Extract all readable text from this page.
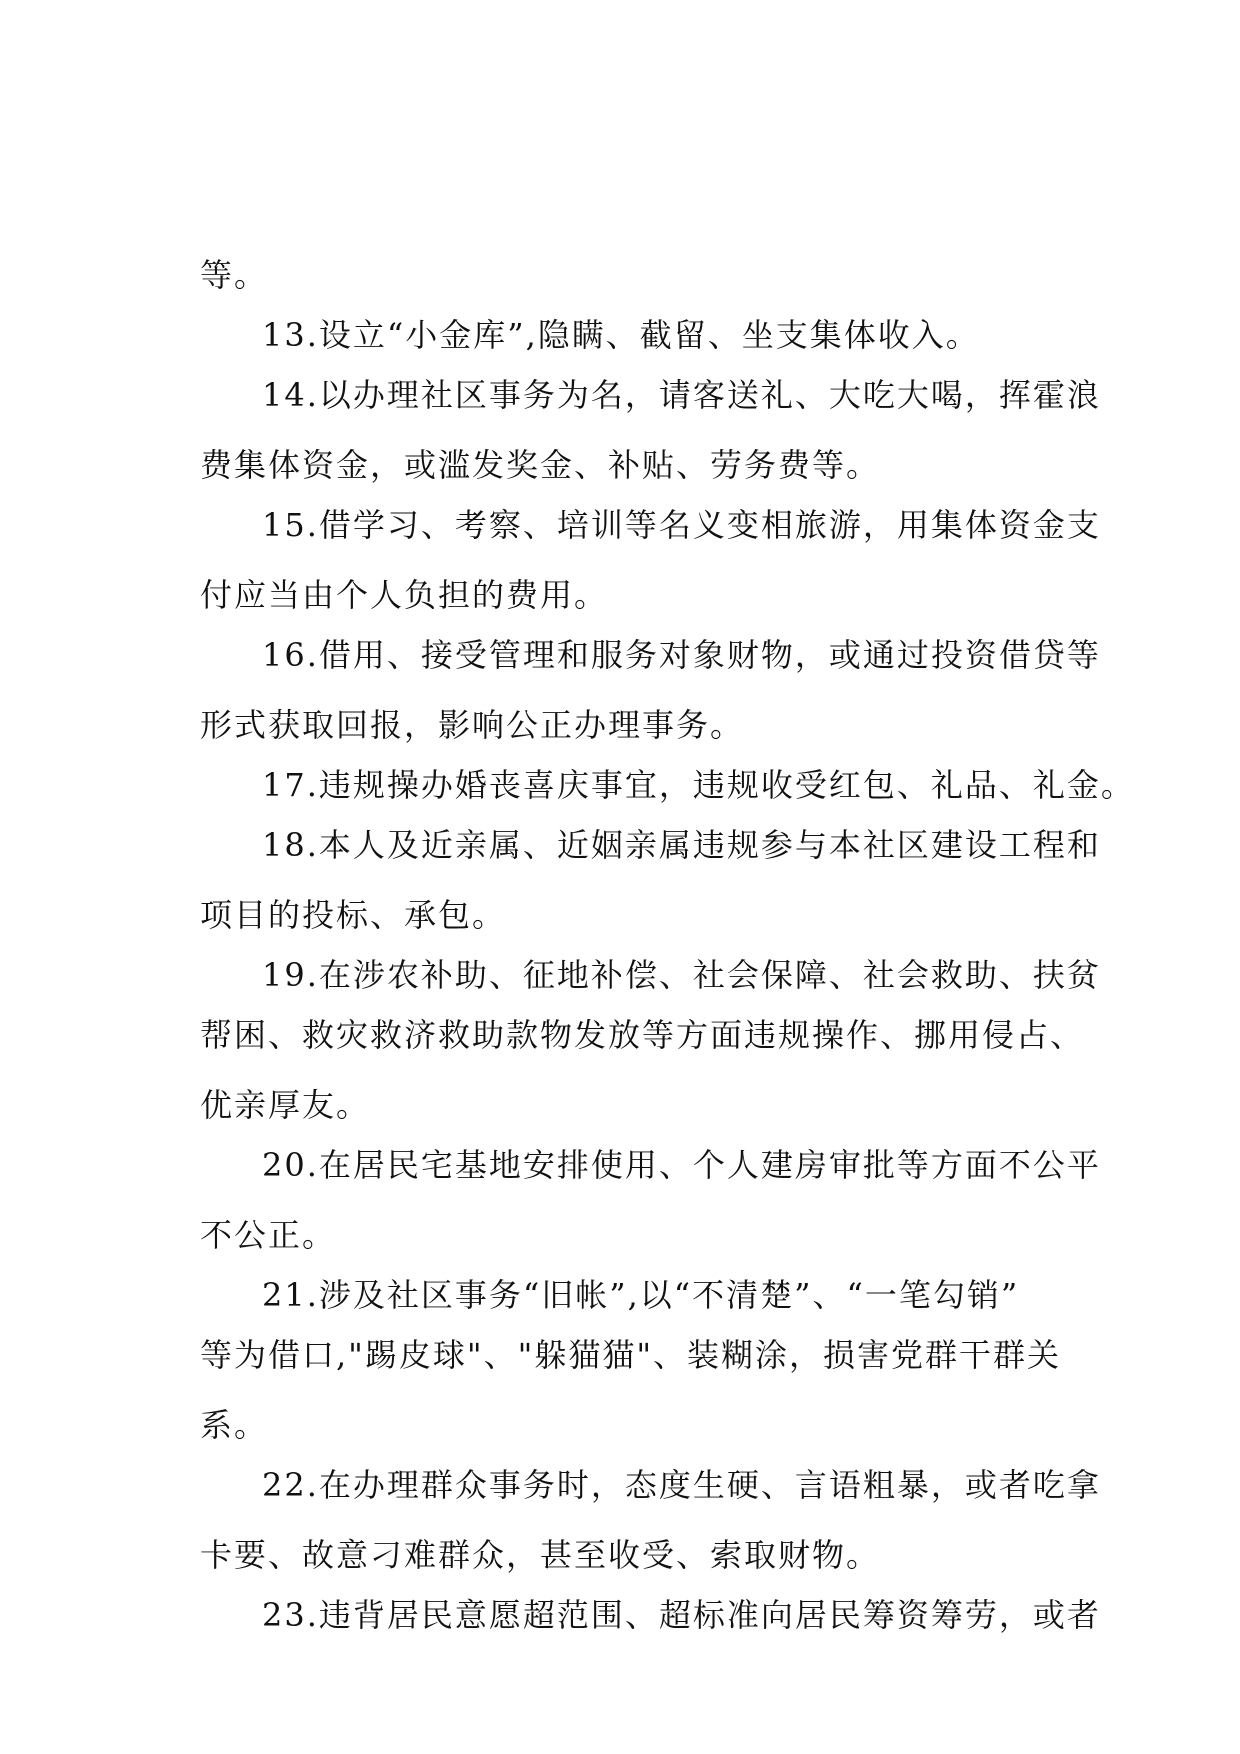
等。
13.设立“小金库”,隐瞒、截留、坐支集体收入。
14.以办理社区事务为名，请客送礼、大吃大喝，挥霍浪
费集体资金，或滥发奖金、补贴、劳务费等。
15.借学习、考察、培训等名义变相旅游，用集体资金支
付应当由个人负担的费用。
16.借用、接受管理和服务对象财物，或通过投资借贷等
形式获取回报，影响公正办理事务。
17.违规操办婚丧喜庆事宜，违规收受红包、礼品、礼金。
18.本人及近亲属、近姻亲属违规参与本社区建设工程和
项目的投标、承包。
19.在涉农补助、征地补偿、社会保障、社会救助、扶贫
帮困、救灾救济救助款物发放等方面违规操作、挪用侵占、
优亲厚友。
20.在居民宅基地安排使用、个人建房审批等方面不公平
不公正。
21.涉及社区事务“旧帐”,以“不清楚”、“一笔勾销”
等为借口,"踢皮球"、"躲猫猫"、装糊涂，损害党群干群关
系。
22.在办理群众事务时，态度生硬、言语粗暴，或者吃拿
卡要、故意刁难群众，甚至收受、索取财物。
23.违背居民意愿超范围、超标准向居民筹资筹劳，或者
